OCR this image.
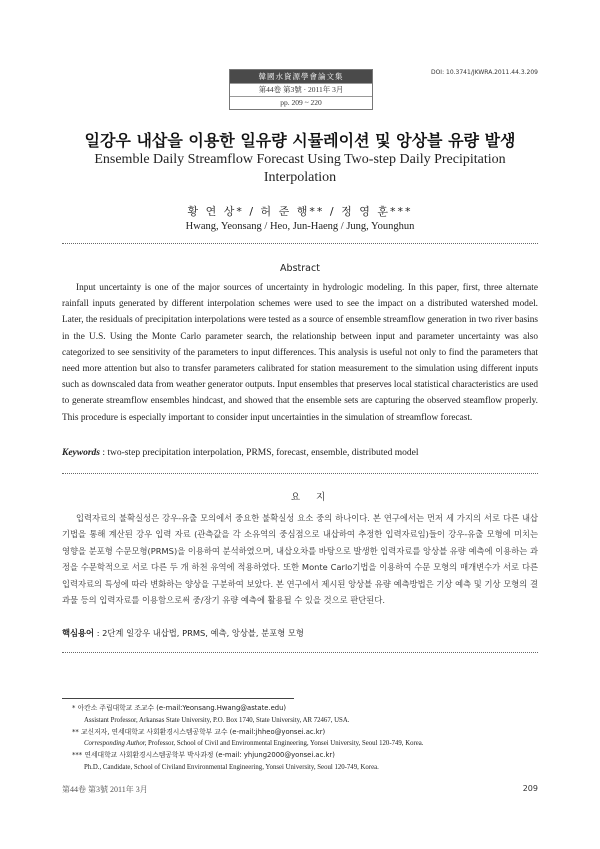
韓國水資源學會論文集
第44卷 第3號 · 2011年 3月
pp. 209 ~ 220
DOI: 10.3741/JKWRA.2011.44.3.209
일강우 내삽을 이용한 일유량 시뮬레이션 및 앙상블 유량 발생
Ensemble Daily Streamflow Forecast Using Two-step Daily Precipitation Interpolation
황 연 상* / 허 준 행** / 정 영 훈***
Hwang, Yeonsang / Heo, Jun-Haeng / Jung, Younghun
Abstract

Input uncertainty is one of the major sources of uncertainty in hydrologic modeling. In this paper, first, three alternate rainfall inputs generated by different interpolation schemes were used to see the impact on a distributed watershed model. Later, the residuals of precipitation interpolations were tested as a source of ensemble streamflow generation in two river basins in the U.S. Using the Monte Carlo parameter search, the relationship between input and parameter uncertainty was also categorized to see sensitivity of the parameters to input differences. This analysis is useful not only to find the parameters that need more attention but also to transfer parameters calibrated for station measurement to the simulation using different inputs such as downscaled data from weather generator outputs. Input ensembles that preserves local statistical characteristics are used to generate streamflow ensembles hindcast, and showed that the ensemble sets are capturing the observed steamflow properly. This procedure is especially important to consider input uncertainties in the simulation of streamflow forecast.

Keywords : two-step precipitation interpolation, PRMS, forecast, ensemble, distributed model
요지

입력자료의 불확실성은 강우-유출 모의에서 중요한 불확실성 요소 중의 하나이다. 본 연구에서는 먼저 세 가지의 서로 다른 내삽 기법을 통해 계산된 강우 입력 자료 (관측값을 각 소유역의 중심점으로 내삽하여 추정한 입력자료임)들이 강우-유출 모형에 미치는 영향을 분포형 수문모형(PRMS)을 이용하여 분석하였으며, 내삽오차를 바탕으로 발생한 입력자료를 앙상블 유량 예측에 이용하는 과정을 수문학적으로 서로 다른 두 개 하천 유역에 적용하였다. 또한 Monte Carlo기법을 이용하여 수문 모형의 매개변수가 서로 다른 입력자료의 특성에 따라 변화하는 양상을 구분하여 보았다. 본 연구에서 제시된 앙상블 유량 예측방법은 기상 예측 및 기상 모형의 결과물 등의 입력자료를 이용함으로써 중/장기 유량 예측에 활용될 수 있을 것으로 판단된다.

핵심용어 : 2단계 일강우 내삽법, PRMS, 예측, 앙상블, 분포형 모형
* 아칸소 주립대학교 조교수 (e-mail:Yeonsang.Hwang@astate.edu)
Assistant Professor, Arkansas State University, P.O. Box 1740, State University, AR 72467, USA.
** 교신저자, 연세대학교 사회환경시스템공학부 교수 (e-mail:jhheo@yonsei.ac.kr)
Corresponding Author, Professor, School of Civil and Environmental Engineering, Yonsei University, Seoul 120-749, Korea.
*** 연세대학교 사회환경시스템공학부 박사과정 (e-mail: yhjung2000@yonsei.ac.kr)
Ph.D., Candidate, School of Civiland Environmental Engineering, Yonsei University, Seoul 120-749, Korea.
第44卷 第3號 2011年 3月	209
